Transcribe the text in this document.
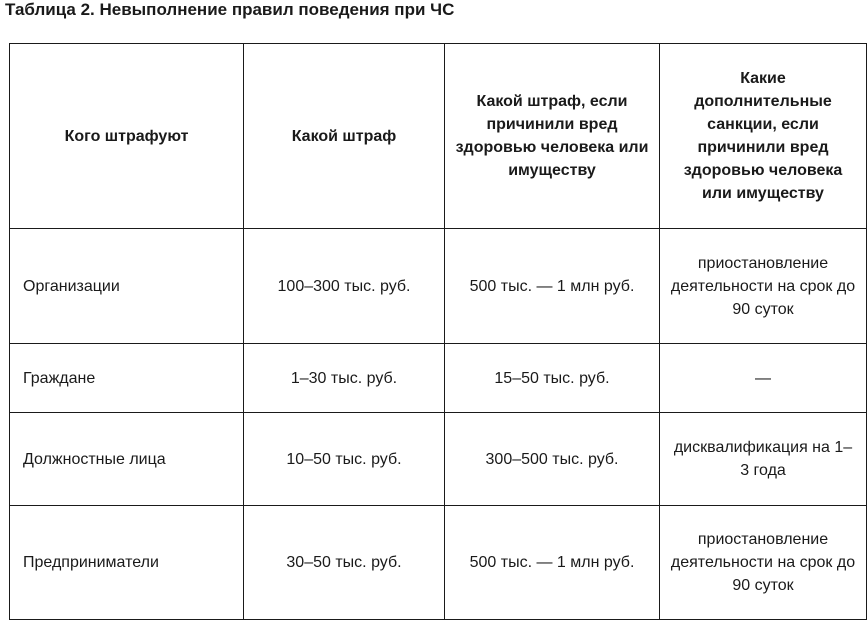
Таблица 2. Невыполнение правил поведения при ЧС
Кого штрафуют	Какой штраф	Какой штраф, если причинили вред здоровью человека или имуществу	Какие дополнительные санкции, если причинили вред здоровью человека или имуществу
Организации	100–300 тыс. руб.	500 тыс. — 1 млн руб.	приостановление деятельности на срок до 90 суток
Граждане	1–30 тыс. руб.	15–50 тыс. руб.	—
Должностные лица	10–50 тыс. руб.	300–500 тыс. руб.	дисквалификация на 1–3 года
Предприниматели	30–50 тыс. руб.	500 тыс. — 1 млн руб.	приостановление деятельности на срок до 90 суток
